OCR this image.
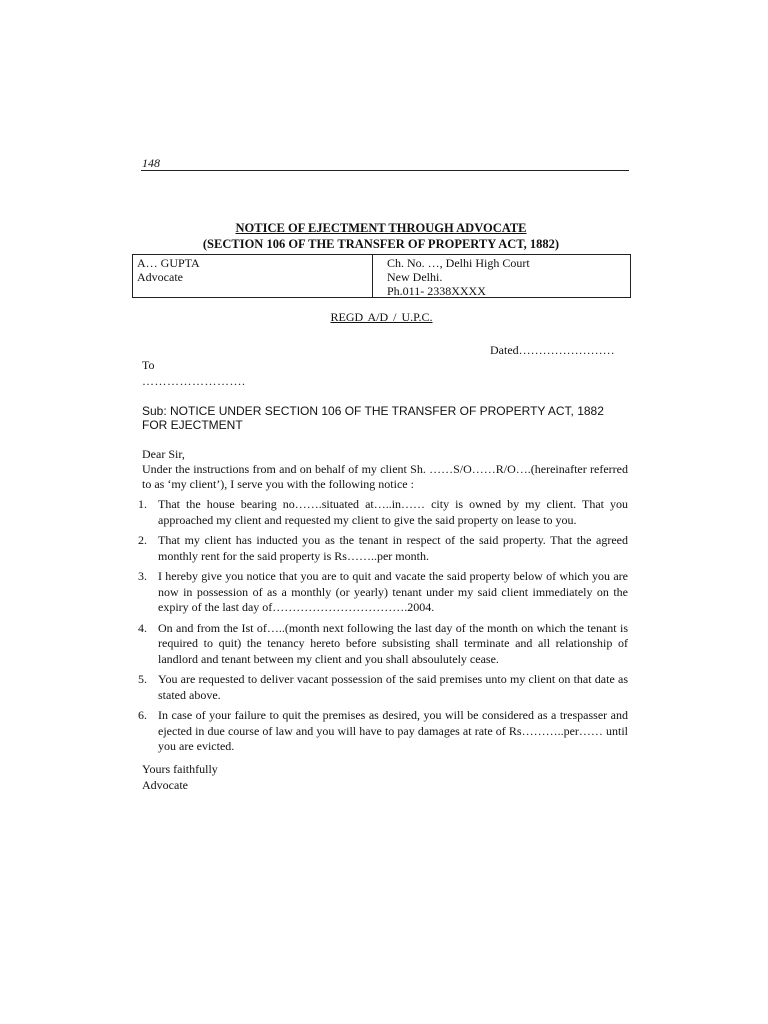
148
NOTICE OF EJECTMENT THROUGH ADVOCATE
(SECTION 106 OF THE TRANSFER OF PROPERTY ACT, 1882)
A… GUPTA
Advocate
Ch. No. …, Delhi High Court
New Delhi.
Ph.011- 2338XXXX
REGD A/D / U.P.C.
Dated……………………
To
…………………….
Sub: NOTICE UNDER SECTION 106 OF THE TRANSFER OF PROPERTY ACT, 1882
FOR EJECTMENT
Dear Sir,
Under the instructions from and on behalf of my client Sh. ……S/O……R/O….(hereinafter referred to as ‘my client’), I serve you with the following notice :
1. That the house bearing no…….situated at…..in…… city is owned by my client. That you approached my client and requested my client to give the said property on lease to you.
2. That my client has inducted you as the tenant in respect of the said property. That the agreed monthly rent for the said property is Rs……..per month.
3. I hereby give you notice that you are to quit and vacate the said property below of which you are now in possession of as a monthly (or yearly) tenant under my said client immediately on the expiry of the last day of…………………………….2004.
4. On and from the Ist of…..(month next following the last day of the month on which the tenant is required to quit) the tenancy hereto before subsisting shall terminate and all relationship of landlord and tenant between my client and you shall absoulutely cease.
5. You are requested to deliver vacant possession of the said premises unto my client on that date as stated above.
6. In case of your failure to quit the premises as desired, you will be considered as a trespasser and ejected in due course of law and you will have to pay damages at rate of Rs………..per…… until you are evicted.
Yours faithfully
Advocate
